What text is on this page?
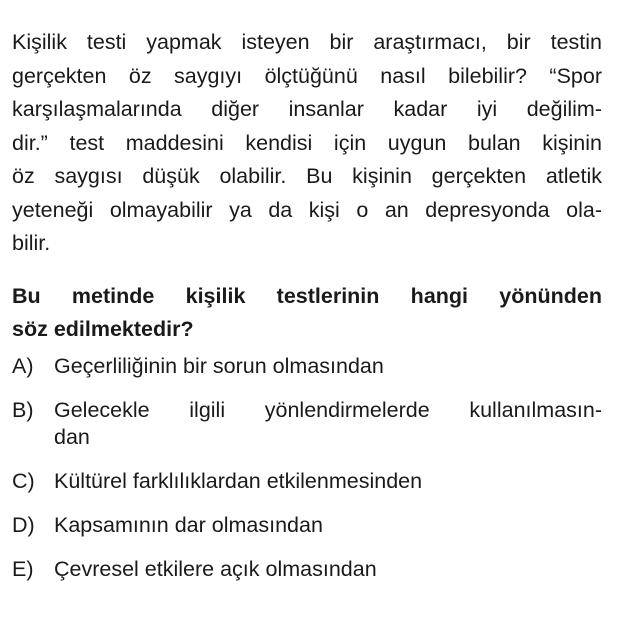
Kişilik testi yapmak isteyen bir araştırmacı, bir testin
gerçekten öz saygıyı ölçtüğünü nasıl bilebilir? “Spor
karşılaşmalarında diğer insanlar kadar iyi değilim-
dir.” test maddesini kendisi için uygun bulan kişinin
öz saygısı düşük olabilir. Bu kişinin gerçekten atletik
yeteneği olmayabilir ya da kişi o an depresyonda ola-
bilir.
Bu metinde kişilik testlerinin hangi yönünden
söz edilmektedir?
A) Geçerliliğinin bir sorun olmasından
B) Gelecekle ilgili yönlendirmelerde kullanılmasın-
dan
C) Kültürel farklılıklardan etkilenmesinden
D) Kapsamının dar olmasından
E) Çevresel etkilere açık olmasından
